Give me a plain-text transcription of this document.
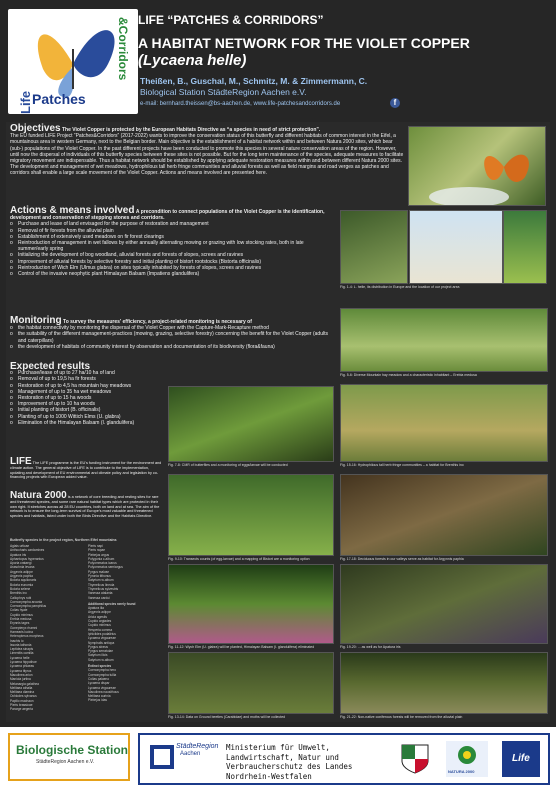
Life Patches
&Corridors LIFE “PATCHES & CORRIDORS”
A HABITAT NETWORK FOR THE VIOLET COPPER
(Lycaena helle)
Theißen, B., Guschal, M., Schmitz, M. & Zimmermann, C.
Biological Station StädteRegion Aachen e.V.
e-mail: bernhard.theissen@bs-aachen.de, www.life-patchesandcorridors.de	f
Objectives The Violet Copper is protected by the European Habitats Directive as “a species in need of strict protection”.
The EU funded LIFE Project “Patches&Corridors” (2017-2022) wants to improve the conservation status of this butterfly and different habitats of common interest in the Eifel, a mountainous area in western Germany, next to the Belgian border. Main objective is the establishment of a habitat network within and between Natura 2000 sites, which bear (sub-) populations of the Violet Copper. In the past different projects have been conducted to promote this species in several nature conservation areas of the region. However, until now the dispersal of individuals of this butterfly species between these sites is not possible. But for the long term maintenance of the species, adequate measures to facilitate migratory movement are indispensable. Thus a habitat network should be established by applying adequate restoration measures within and between different Natura 2000 sites. The development and management of wet meadows, hydrophilous tall herb fringe communities and alluvial forests as well as field margins and road verges as patches and corridors shall enable a large scale movement of the Violet Copper. Actions and means involved are presented here.
Actions & means involved A precondition to connect populations of the Violet Copper is the identification, development and conservation of stepping stones and corridors.
o Purchase and lease of land envisaged for the purpose of restoration and management
o Removal of fir forests from the alluvial plain
o Establishment of extensively used meadows on fir forest clearings
o Reintroduction of management in wet fallows by either annually alternating mowing or grazing with low stocking rates, both in late summer/early spring
o Initializing the development of bog woodland, alluvial forests and forests of slopes, screes and ravines
o Improvement of alluvial forests by selective forestry and initial planting of bistort rootstocks (Bistorta officinalis)
o Reintroduction of Wich Elm (Ulmus glabra) on sites typically inhabited by forests of slopes, screes and ravines
o Control of the invasive neophytic plant Himalayan Balsam (Impatiens glandulifera)
Fig. 1-4: L. helle, its distribution in Europe and the location of our project area
Monitoring To survey the measures' efficiency, a project-related monitoring is necessary of
o the habitat connectivity by monitoring the dispersal of the Violet Copper with the Capture-Mark-Recapture method
o the suitability of the different management-practices (mowing, grazing, selective forestry) concerning the benefit for the Violet Copper (adults and caterpillars)
o the development of habitats of community interest by observation and documentation of its biodiversity (flora&fauna)
Fig. 5-6: Diverse Mountain hay meadow and a characteristic inhabitant – Erebia medusa
Expected results
o Purchase/lease of up to 27 ha/10 ha of land
o Removal of up to 19,5 ha fir forests
o Restoration of up to 4,5 ha mountain hay meadows
o Management of up to 35 ha wet meadows
o Restoration of up to 15 ha woods
o Improvement of up to 10 ha woods
o Initial planting of bistort (B. officinalis)
o Planting of up to 1000 Wittich Elms (U. glabra)
o Elimination of the Himalayan Balsam (I. glandulifera)
Fig. 7-8: CMR of butterflies and a monitoring of eggs/larvae will be conducted	Fig. 15-16: Hydrophilous tall herb fringe communities – a habitat for Brenthis ino
LIFE The LIFE programme is the EU's funding instrument for the environment and climate action. The general objective of LIFE is to contribute to the implementation, updating and development of EU environmental and climate policy and legislation by co-financing projects with European added value.
Natura 2000 is a network of core breeding and resting sites for rare and threatened species, and some rare natural habitat types which are protected in their own right. It stretches across all 28 EU countries, both on land and at sea. The aim of the network is to ensure the long-term survival of Europe's most valuable and threatened species and habitats, listed under both the Birds Directive and the Habitats Directive.
Butterfly species in the project region, Northern Eifel mountains
Aglais urticae
Anthocharis cardamines
Apatura iris
Aphantopus hyperantus
Aporia crataegi
Araschnia levana
Argynnis adippe
Argynnis paphia
Boloria aquilonaris
Boloria eunomia
Boloria selene
Brenthis ino
Callophrys rubi
Coenonympha arcania
Coenonympha pamphilus
Colias hyale
Cupido minimus
Erebia medusa
Erynnis tages
Gonepteryx rhamni
Hamearis lucina
Heteropterus morpheus
Inachis io
Issoria lathonia
Leptidea sinapis
Limenitis camilla
Lycaena helle
Lycaena hippothoe
Lycaena phlaeas
Lycaena tityrus
Maculinea arion
Maniola jurtina
Melanargia galathea
Melitaea athalia
Melitaea diamina
Ochlodes sylvanus
Papilio machaon
Pieris brassicae
Pararge aegeria
Pieris napi
Pieris rapae
Plebejus argus
Polygonia c-album
Polyommatus icarus
Polyommatus semiargus
Pyrgus malvae
Pyronia tithonus
Satyrium w-album
Thymelicus lineola
Thymelicus sylvestris
Vanessa atalanta
Vanessa cardui
Additional species rarely found
Apatura ilia
Argynnis adippe
Aricia agestis
Cupido argiades
Cupido minimus
Hesperia comma
Iphiclides podalirius
Lycaena virgaureae
Nymphalis antiopa
Pyrgus alveus
Pyrgus serratulae
Satyrium ilicis
Satyrium w-album
Extinct species
Coenonympha hero
Coenonympha tullia
Colias palaeno
Lycaena dispar
Lycaena virgaureae
Maculinea nausithous
Melitaea aurinia
Plebejus idas
Fig. 9-10: Transects counts (of egg-larvae) and a mapping of Bistort are a monitoring option	Fig. 17-18: Deciduous forests in our valleys serve as habitat for Argynnis paphia
Fig. 11-12: Wych Elm (U. glabra) will be planted, Himalayan Balsam (I. glandulifera) eliminated	Fig. 19-20: ... as well as for Apatura iris
Fig. 13-14: Data on Ground beetles (Carabidae) and moths will be collected	Fig. 21-22: Non-native coniferous forests will be removed from the alluvial plain
Biologische Station
StädteRegion Aachen e.V.
StädteRegion
Aachen
Ministerium für Umwelt, Landwirtschaft, Natur und Verbraucherschutz des Landes Nordrhein-Westfalen	NATURA 2000
Life
